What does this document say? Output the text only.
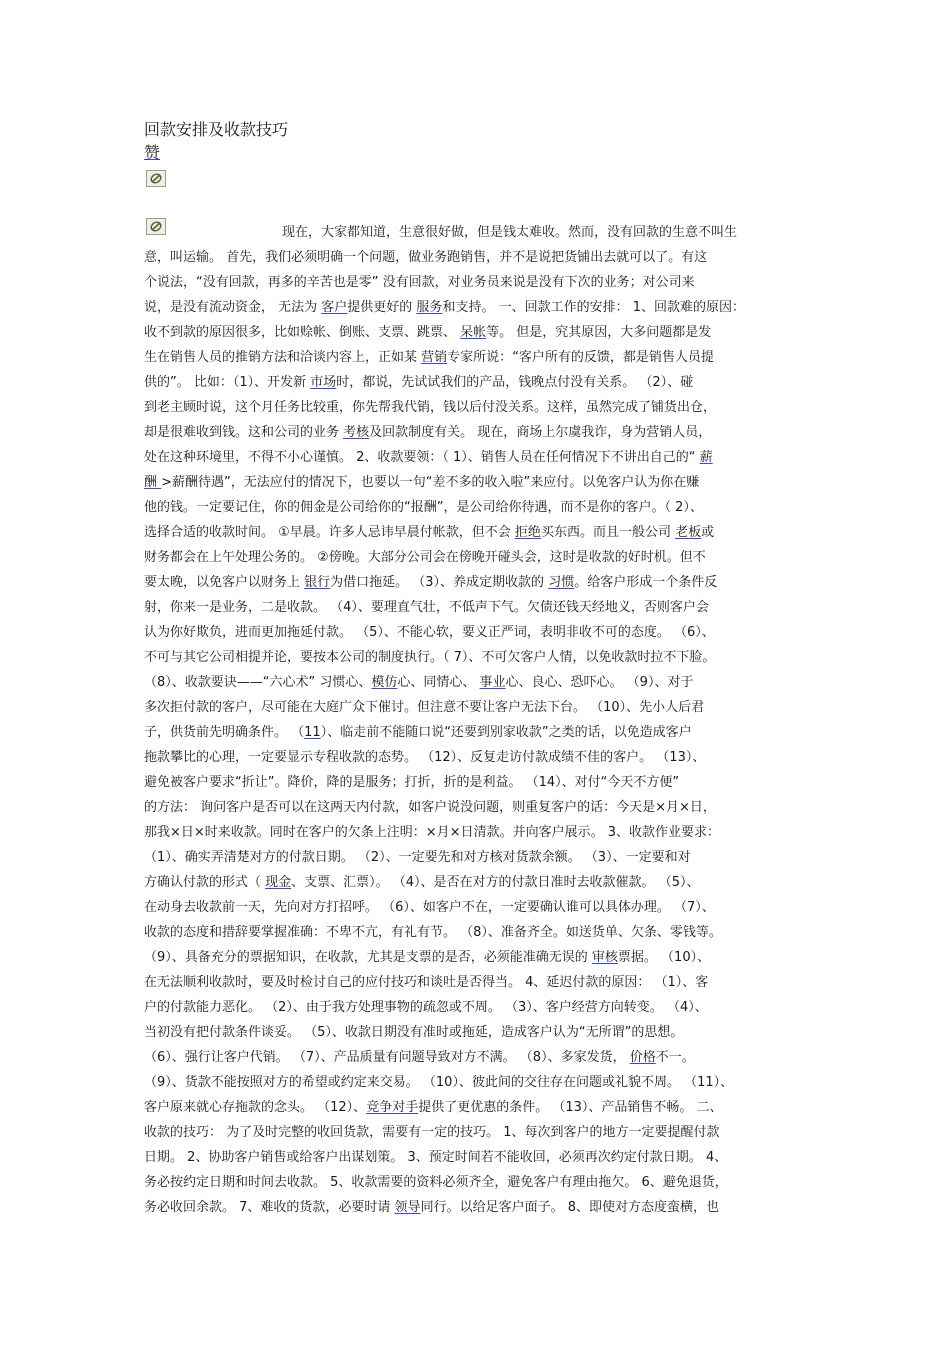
回款安排及收款技巧
赞
现在，大家都知道，生意很好做，但是钱太难收。然而，没有回款的生意不叫生
意，叫运输。 首先，我们必须明确一个问题，做业务跑销售，并不是说把货铺出去就可以了。有这
个说法，“没有回款，再多的辛苦也是零” 没有回款，对业务员来说是没有下次的业务；对公司来
说，是没有流动资金， 无法为 客户提供更好的 服务和支持。 一、回款工作的安排： 1、回款难的原因：
收不到款的原因很多，比如赊帐、倒账、支票、跳票、 呆帐等。 但是，究其原因，大多问题都是发
生在销售人员的推销方法和洽谈内容上，正如某 营销专家所说：“客户所有的反馈，都是销售人员提
供的”。 比如：（1）、开发新 市场时，都说，先试试我们的产品，钱晚点付没有关系。 （2）、碰
到老主顾时说，这个月任务比较重，你先帮我代销，钱以后付没关系。这样，虽然完成了铺货出仓，
却是很难收到钱。这和公司的业务 考核及回款制度有关。 现在，商场上尔虞我诈，身为营销人员，
处在这种环境里，不得不小心谨慎。 2、收款要领：（ 1）、销售人员在任何情况下不讲出自己的“ 薪
酬 >薪酬待遇”，无法应付的情况下，也要以一句“差不多的收入啦”来应付。以免客户认为你在赚
他的钱。一定要记住，你的佣金是公司给你的“报酬”，是公司给你待遇，而不是你的客户。（ 2）、
选择合适的收款时间。 ①早晨。许多人忌讳早晨付帐款，但不会 拒绝买东西。而且一般公司 老板或
财务都会在上午处理公务的。 ②傍晚。大部分公司会在傍晚开碰头会，这时是收款的好时机。但不
要太晚，以免客户以财务上 银行为借口拖延。 （3）、养成定期收款的 习惯。给客户形成一个条件反
射，你来一是业务，二是收款。 （4）、要理直气壮，不低声下气。欠债还钱天经地义，否则客户会
认为你好欺负，进而更加拖延付款。 （5）、不能心软，要义正严词，表明非收不可的态度。 （6）、
不可与其它公司相提并论，要按本公司的制度执行。（ 7）、不可欠客户人情，以免收款时拉不下脸。
（8）、收款要诀——“六心术” 习惯心、模仿心、同情心、 事业心、良心、恐吓心。 （9）、对于
多次拒付款的客户，尽可能在大庭广众下催讨。但注意不要让客户无法下台。 （10）、先小人后君
子，供货前先明确条件。 （11）、临走前不能随口说“还要到别家收款”之类的话，以免造成客户
拖款攀比的心理，一定要显示专程收款的态势。 （12）、反复走访付款成绩不佳的客户。 （13）、
避免被客户要求“折让”。降价，降的是服务；打折，折的是利益。 （14）、对付“今天不方便”
的方法： 询问客户是否可以在这两天内付款，如客户说没问题，则重复客户的话：今天是×月×日，
那我×日×时来收款。同时在客户的欠条上注明：×月×日清款。并向客户展示。 3、收款作业要求：
（1）、确实弄清楚对方的付款日期。 （2）、一定要先和对方核对货款余额。 （3）、一定要和对
方确认付款的形式（ 现金、支票、汇票）。 （4）、是否在对方的付款日准时去收款催款。 （5）、
在动身去收款前一天，先向对方打招呼。 （6）、如客户不在，一定要确认谁可以具体办理。 （7）、
收款的态度和措辞要掌握准确：不卑不亢，有礼有节。 （8）、准备齐全。如送货单、欠条、零钱等。
（9）、具备充分的票据知识，在收款，尤其是支票的是否，必须能准确无误的 审核票据。 （10）、
在无法顺利收款时，要及时检讨自己的应付技巧和谈吐是否得当。 4、延迟付款的原因： （1）、客
户的付款能力恶化。 （2）、由于我方处理事物的疏忽或不周。 （3）、客户经营方向转变。 （4）、
当初没有把付款条件谈妥。 （5）、收款日期没有准时或拖延，造成客户认为“无所谓”的思想。
（6）、强行让客户代销。 （7）、产品质量有问题导致对方不满。 （8）、多家发货， 价格不一。
（9）、货款不能按照对方的希望或约定来交易。 （10）、彼此间的交往存在问题或礼貌不周。 （11）、
客户原来就心存拖款的念头。 （12）、竞争对手提供了更优惠的条件。 （13）、产品销售不畅。 二、
收款的技巧： 为了及时完整的收回货款，需要有一定的技巧。 1、每次到客户的地方一定要提醒付款
日期。 2、协助客户销售或给客户出谋划策。 3、预定时间若不能收回，必须再次约定付款日期。 4、
务必按约定日期和时间去收款。 5、收款需要的资料必须齐全，避免客户有理由拖欠。 6、避免退货，
务必收回余款。 7、难收的货款，必要时请 领导同行。以给足客户面子。 8、即使对方态度蛮横，也
